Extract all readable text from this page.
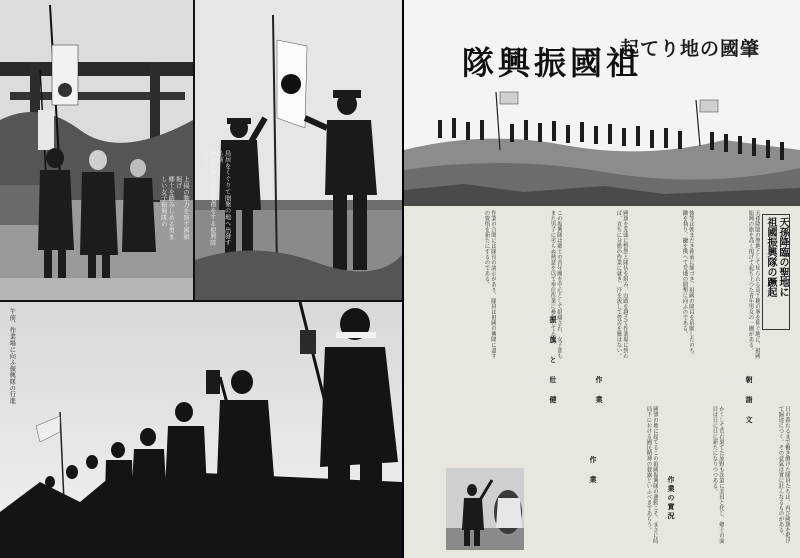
上揚の動力を寫す國旗掲げ
鄕土を踏みしめる勇ましい女子振興隊の	鳥居をくぐりて開墾の地へ出發する前
神社の前で國旗敬禮をする振興隊員たち
午前、作業場に向ふ振興隊の行進
起てり地の國肇
隊興振國祖
天孫降臨の聖地に
祖國振興隊の蹶起
天孫降臨の聖地として知られる高千穗の峯を仰ぐ地に、祖國振興の旗を高く掲げて起ち上つた青年男女の一團がある。
彼等は朝まだき神前に額づき、祖國の隆昌を祈願したのち、鍬を執り、鎌を携へて荒地の開墾に向ふのである。
國旗を先頭に整然と隊伍を組み、山路を越えて作業場に到れば、直ちに分擔の作業に就き、汗を流して勞苦を厭はない。
この振興隊は鄕土の青年團を中心として組織され、女子部もまた男子に劣らぬ熱意を以て奉仕作業に參加してゐる。
作業の合間には隊長の訓示があり、隊員は祖國の興隆に盡すの覺悟を新たにするのである。
朝 詣 文
作 業
振 旗 と 壯 健
日の暮れるまで働き續けた隊員たちは、再び國旗を掲げて歸途につく。その意氣は實に壯んなるものがある。
かくして荒れ果てた原野も次第に美田と化し、鄕土の面目は日に日に新たになりつつある。
國肇の地に起てるこの祖國振興隊の運動こそ、まさに時局下における國民精神の發露といふべきであらう。	作業の實況
作 業
